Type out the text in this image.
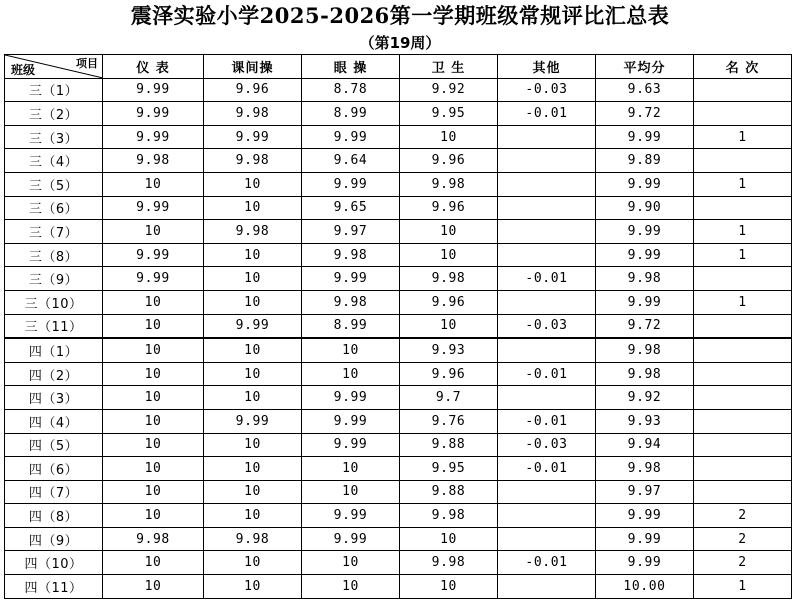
震泽实验小学2025-2026第一学期班级常规评比汇总表
（第19周）
项目
班级	仪 表	课间操	眼 操	卫 生	其他	平均分	名 次
三（1）	9.99	9.96	8.78	9.92	-0.03	9.63	
三（2）	9.99	9.98	8.99	9.95	-0.01	9.72	
三（3）	9.99	9.99	9.99	10		9.99	1
三（4）	9.98	9.98	9.64	9.96		9.89	
三（5）	10	10	9.99	9.98		9.99	1
三（6）	9.99	10	9.65	9.96		9.90	
三（7）	10	9.98	9.97	10		9.99	1
三（8）	9.99	10	9.98	10		9.99	1
三（9）	9.99	10	9.99	9.98	-0.01	9.98	
三（10）	10	10	9.98	9.96		9.99	1
三（11）	10	9.99	8.99	10	-0.03	9.72	
四（1）	10	10	10	9.93		9.98	
四（2）	10	10	10	9.96	-0.01	9.98	
四（3）	10	10	9.99	9.7		9.92	
四（4）	10	9.99	9.99	9.76	-0.01	9.93	
四（5）	10	10	9.99	9.88	-0.03	9.94	
四（6）	10	10	10	9.95	-0.01	9.98	
四（7）	10	10	10	9.88		9.97	
四（8）	10	10	9.99	9.98		9.99	2
四（9）	9.98	9.98	9.99	10		9.99	2
四（10）	10	10	10	9.98	-0.01	9.99	2
四（11）	10	10	10	10		10.00	1
